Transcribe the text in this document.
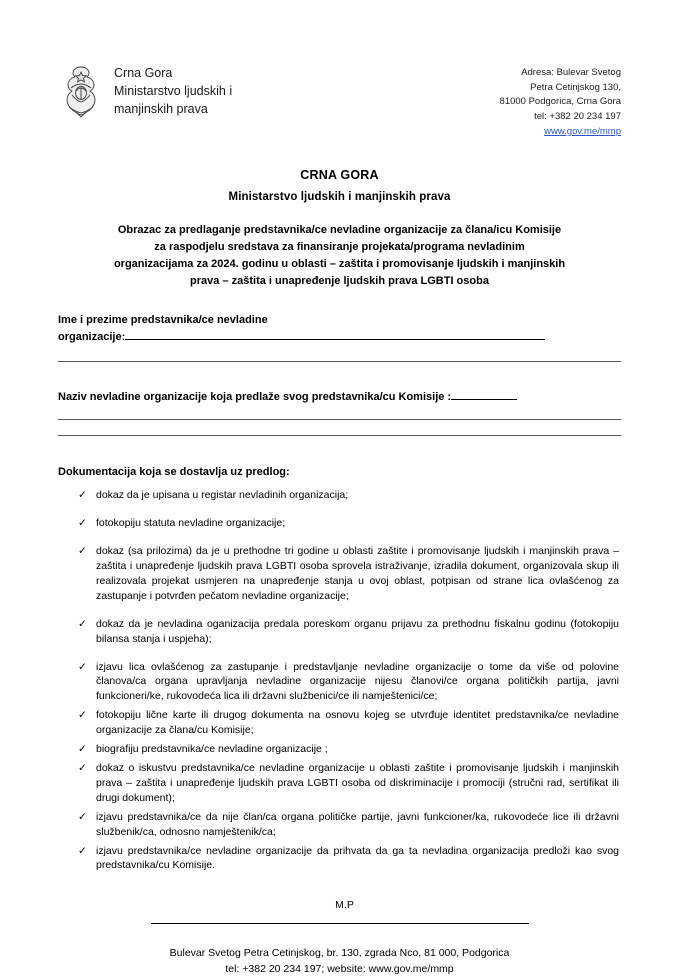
Crna Gora
Ministarstvo ljudskih i
manjinskih prava
Adresa: Bulevar Svetog
Petra Cetinjskog 130,
81000 Podgorica, Crna Gora
tel: +382 20 234 197
www.gov.me/mmp
CRNA GORA
Ministarstvo ljudskih i manjinskih prava
Obrazac za predlaganje predstavnika/ce nevladine organizacije za člana/icu Komisije
za raspodjelu sredstava za finansiranje projekata/programa nevladinim
organizacijama za 2024. godinu u oblasti – zaštita i promovisanje ljudskih i manjinskih
prava – zaštita i unapređenje ljudskih prava LGBTI osoba
Ime i prezime predstavnika/ce nevladine
organizacije:
Naziv nevladine organizacije koja predlaže svog predstavnika/cu Komisije :
Dokumentacija koja se dostavlja uz predlog:
✓ dokaz da je upisana u registar nevladinih organizacija;
✓ fotokopiju statuta nevladine organizacije;
✓ dokaz (sa prilozima) da je u prethodne tri godine u oblasti zaštite i promovisanje ljudskih i manjinskih prava – zaštita i unapređenje ljudskih prava LGBTI osoba sprovela istraživanje, izradila dokument, organizovala skup ili realizovala projekat usmjeren na unapređenje stanja u ovoj oblast, potpisan od strane lica ovlašćenog za zastupanje i potvrđen pečatom nevladine organizacije;
✓ dokaz da je nevladina oganizacija predala poreskom organu prijavu za prethodnu fiskalnu godinu (fotokopiju bilansa stanja i uspjeha);
✓ izjavu lica ovlašćenog za zastupanje i predstavljanje nevladine organizacije o tome da više od polovine članova/ca organa upravljanja nevladine organizacije nijesu članovi/ce organa političkih partija, javni funkcioneri/ke, rukovodeća lica ili državni službenici/ce ili namještenici/ce;
✓ fotokopiju lične karte ili drugog dokumenta na osnovu kojeg se utvrđuje identitet predstavnika/ce nevladine organizacije za člana/cu Komisije;
✓ biografiju predstavnika/ce nevladine organizacije ;
✓ dokaz o iskustvu predstavnika/ce nevladine organizacije u oblasti zaštite i promovisanje ljudskih i manjinskih prava – zaštita i unapređenje ljudskih prava LGBTI osoba od diskriminacije i promociji (stručni rad, sertifikat ili drugi dokument);
✓ izjavu predstavnika/ce da nije član/ca organa političke partije, javni funkcioner/ka, rukovodeće lice ili državni službenik/ca, odnosno namještenik/ca;
✓ izjavu predstavnika/ce nevladine organizacije da prihvata da ga ta nevladina organizacija predloži kao svog predstavnika/cu Komisije.
M.P
Bulevar Svetog Petra Cetinjskog, br. 130, zgrada Nco, 81 000, Podgorica
tel: +382 20 234 197; website: www.gov.me/mmp
